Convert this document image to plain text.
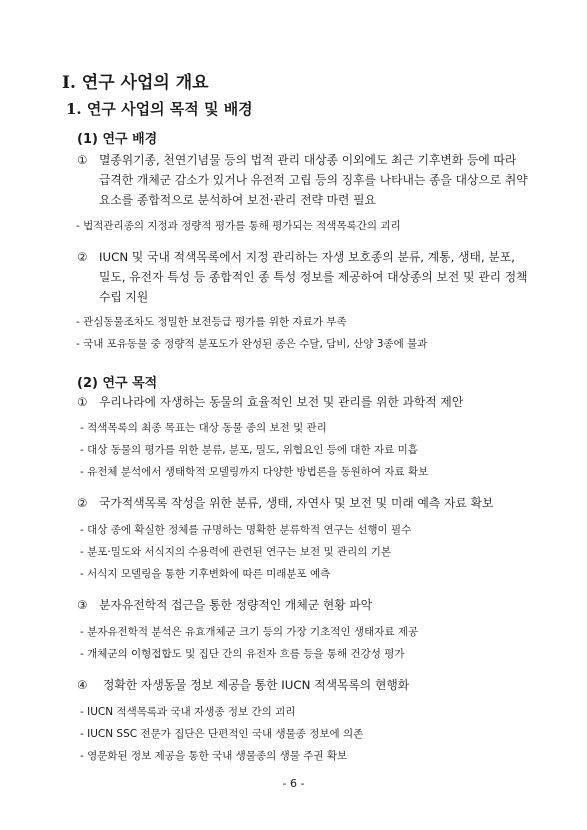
I. 연구 사업의 개요
1. 연구 사업의 목적 및 배경
(1) 연구 배경
① 멸종위기종, 천연기념물 등의 법적 관리 대상종 이외에도 최근 기후변화 등에 따라
급격한 개체군 감소가 있거나 유전적 고립 등의 징후를 나타내는 종을 대상으로 취약
요소를 종합적으로 분석하여 보전·관리 전략 마련 필요
- 법적관리종의 지정과 정량적 평가를 통해 평가되는 적색목록간의 괴리
② IUCN 및 국내 적색목록에서 지정 관리하는 자생 보호종의 분류, 계통, 생태, 분포,
밀도, 유전자 특성 등 종합적인 종 특성 정보를 제공하여 대상종의 보전 및 관리 정책
수립 지원
- 관심동물조차도 정밀한 보전등급 평가를 위한 자료가 부족
- 국내 포유동물 중 정량적 분포도가 완성된 종은 수달, 담비, 산양 3종에 불과
(2) 연구 목적
① 우리나라에 자생하는 동물의 효율적인 보전 및 관리를 위한 과학적 제안
- 적색목록의 최종 목표는 대상 동물 종의 보전 및 관리
- 대상 동물의 평가를 위한 분류, 분포, 밀도, 위협요인 등에 대한 자료 미흡
- 유전체 분석에서 생태학적 모델링까지 다양한 방법론을 동원하여 자료 확보
② 국가적색목록 작성을 위한 분류, 생태, 자연사 및 보전 및 미래 예측 자료 확보
- 대상 종에 확실한 정체를 규명하는 명확한 분류학적 연구는 선행이 필수
- 분포·밀도와 서식지의 수용력에 관련된 연구는 보전 및 관리의 기본
- 서식지 모델링을 통한 기후변화에 따른 미래분포 예측
③ 분자유전학적 접근을 통한 정량적인 개체군 현황 파악
- 분자유전학적 분석은 유효개체군 크기 등의 가장 기초적인 생태자료 제공
- 개체군의 이형접합도 및 집단 간의 유전자 흐름 등을 통해 건강성 평가
④ 정확한 자생동물 정보 제공을 통한 IUCN 적색목록의 현행화
- IUCN 적색목록과 국내 자생종 정보 간의 괴리
- IUCN SSC 전문가 집단은 단편적인 국내 생물종 정보에 의존
- 영문화된 정보 제공을 통한 국내 생물종의 생물 주권 확보
- 6 -
